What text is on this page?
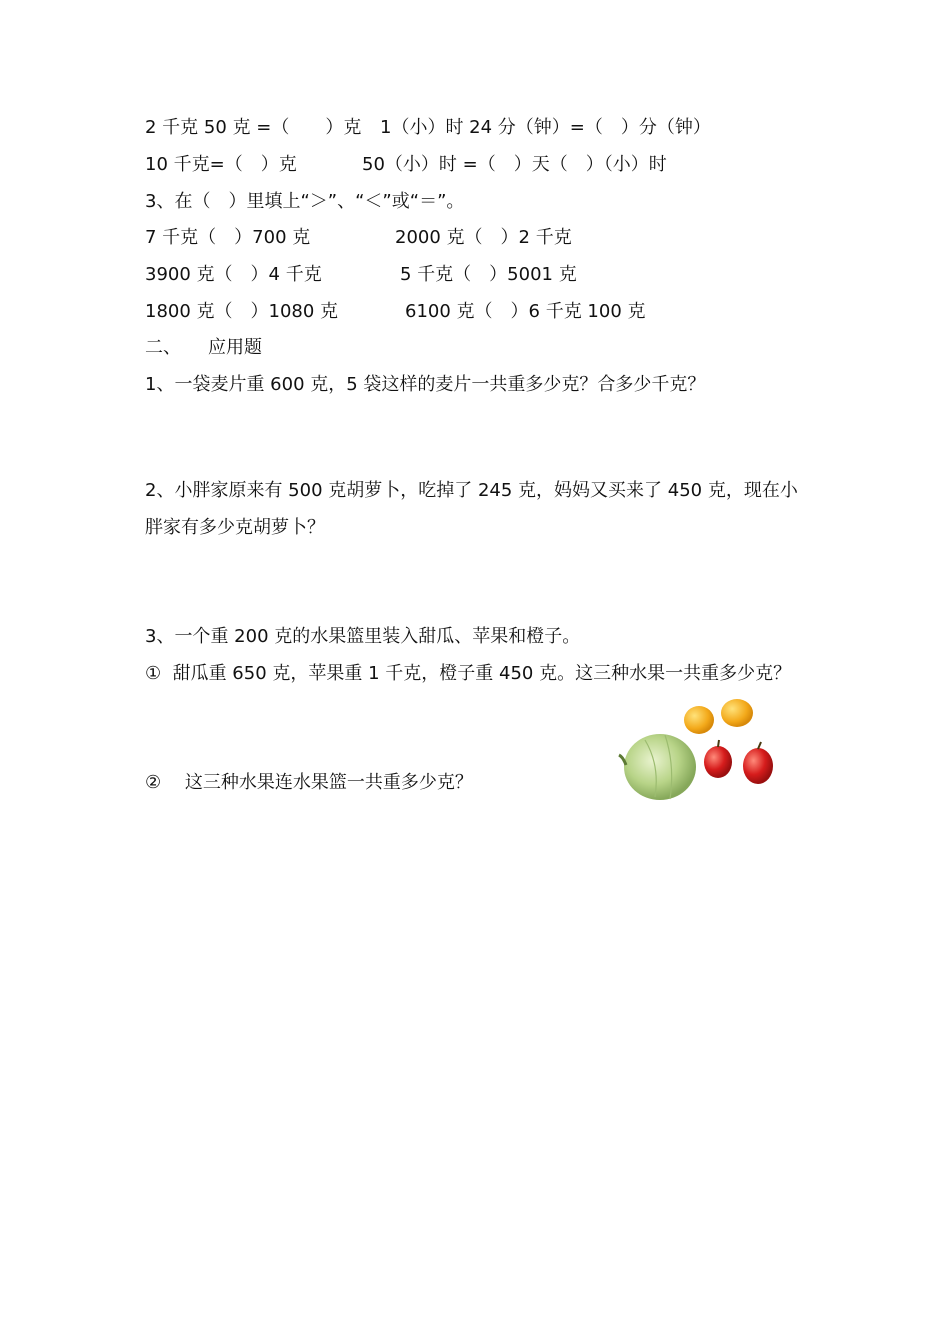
2 千克 50 克 =（　　）克 1（小）时 24 分（钟）=（　）分（钟）
10 千克=（　）克	50（小）时 =（　）天（　）（小）时
3、在（　）里填上“＞”、“＜”或“＝”。
7 千克（　）700 克	2000 克（　）2 千克
3900 克（　）4 千克	5 千克（　）5001 克
1800 克（　）1080 克	6100 克（　）6 千克 100 克
二、　　应用题
1、一袋麦片重 600 克，5 袋这样的麦片一共重多少克？合多少千克？
2、小胖家原来有 500 克胡萝卜，吃掉了 245 克，妈妈又买来了 450 克，现在小胖家有多少克胡萝卜？
3、一个重 200 克的水果篮里装入甜瓜、苹果和橙子。
①  甜瓜重 650 克，苹果重 1 千克，橙子重 450 克。这三种水果一共重多少克？
②　 这三种水果连水果篮一共重多少克？
